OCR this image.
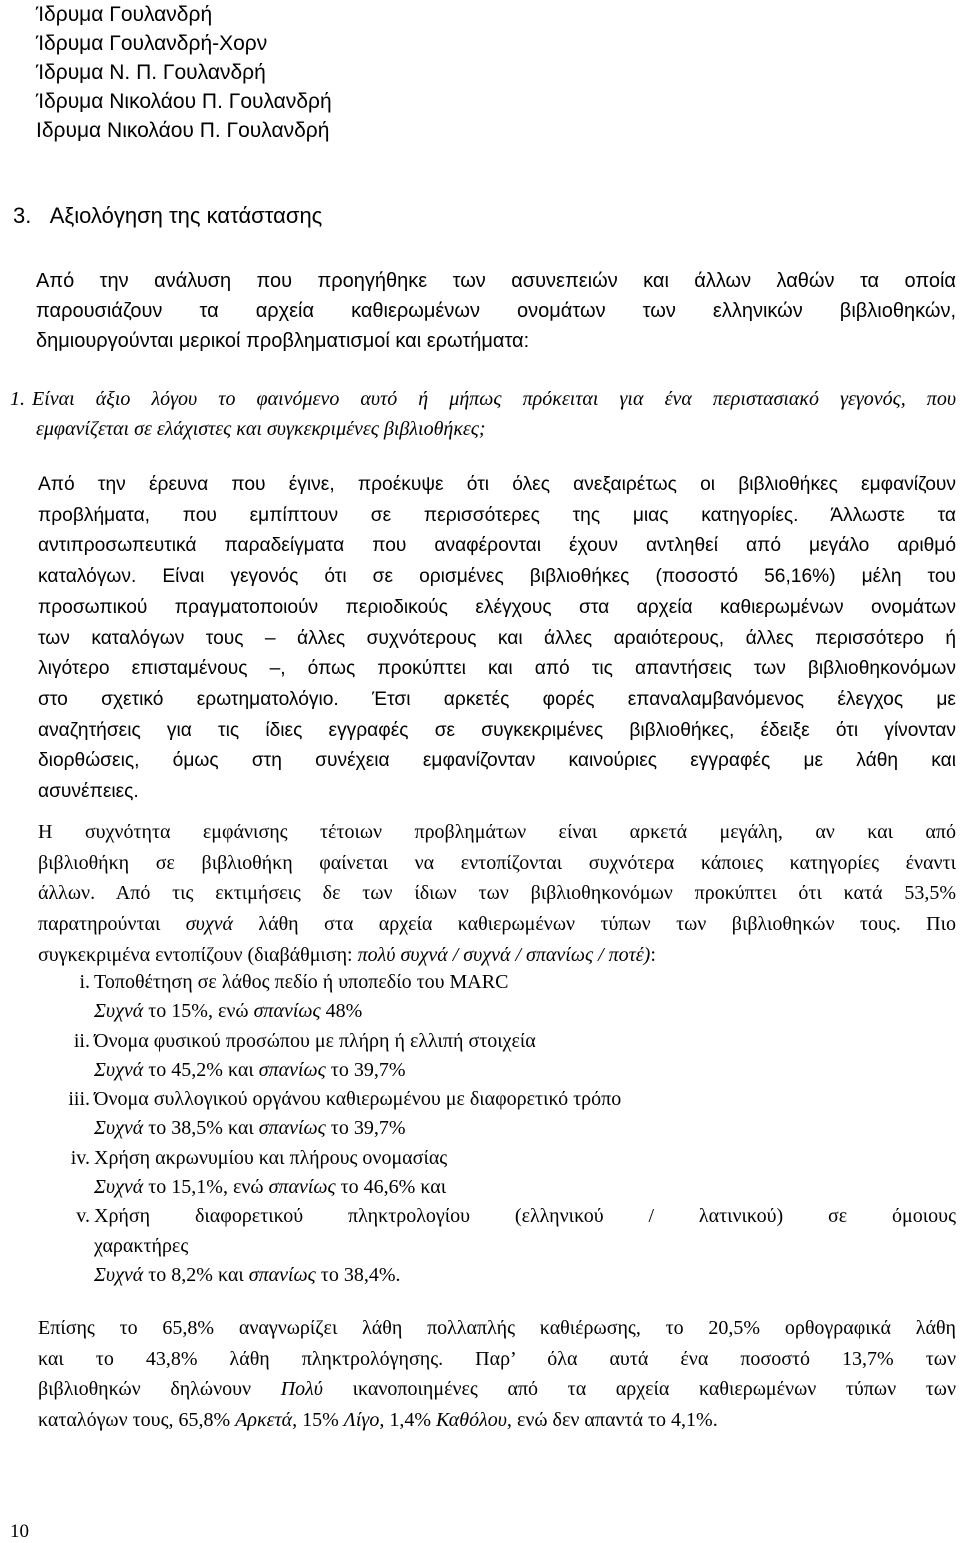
Ίδρυμα Γουλανδρή
Ίδρυμα Γουλανδρή-Χορν
Ίδρυμα Ν. Π. Γουλανδρή
Ίδρυμα Νικολάου Π. Γουλανδρή
Ιδρυμα Νικολάου Π. Γουλανδρή
3. Αξιολόγηση της κατάστασης
Από την ανάλυση που προηγήθηκε των ασυνεπειών και άλλων λαθών τα οποία
παρουσιάζουν τα αρχεία καθιερωμένων ονομάτων των ελληνικών βιβλιοθηκών,
δημιουργούνται μερικοί προβληματισμοί και ερωτήματα:
1. Είναι άξιο λόγου το φαινόμενο αυτό ή μήπως πρόκειται για ένα περιστασιακό γεγονός, που
εμφανίζεται σε ελάχιστες και συγκεκριμένες βιβλιοθήκες;
Από την έρευνα που έγινε, προέκυψε ότι όλες ανεξαιρέτως οι βιβλιοθήκες εμφανίζουν
προβλήματα, που εμπίπτουν σε περισσότερες της μιας κατηγορίες. Άλλωστε τα
αντιπροσωπευτικά παραδείγματα που αναφέρονται έχουν αντληθεί από μεγάλο αριθμό
καταλόγων. Είναι γεγονός ότι σε ορισμένες βιβλιοθήκες (ποσοστό 56,16%) μέλη του
προσωπικού πραγματοποιούν περιοδικούς ελέγχους στα αρχεία καθιερωμένων ονομάτων
των καταλόγων τους – άλλες συχνότερους και άλλες αραιότερους, άλλες περισσότερο ή
λιγότερο επισταμένους –, όπως προκύπτει και από τις απαντήσεις των βιβλιοθηκονόμων
στο σχετικό ερωτηματολόγιο. Έτσι αρκετές φορές επαναλαμβανόμενος έλεγχος με
αναζητήσεις για τις ίδιες εγγραφές σε συγκεκριμένες βιβλιοθήκες, έδειξε ότι γίνονταν
διορθώσεις, όμως στη συνέχεια εμφανίζονταν καινούριες εγγραφές με λάθη και
ασυνέπειες.
Η συχνότητα εμφάνισης τέτοιων προβλημάτων είναι αρκετά μεγάλη, αν και από
βιβλιοθήκη σε βιβλιοθήκη φαίνεται να εντοπίζονται συχνότερα κάποιες κατηγορίες έναντι
άλλων. Από τις εκτιμήσεις δε των ίδιων των βιβλιοθηκονόμων προκύπτει ότι κατά 53,5%
παρατηρούνται συχνά λάθη στα αρχεία καθιερωμένων τύπων των βιβλιοθηκών τους. Πιο
συγκεκριμένα εντοπίζουν (διαβάθμιση: πολύ συχνά / συχνά / σπανίως / ποτέ):
i. Τοποθέτηση σε λάθος πεδίο ή υποπεδίο του MARC
Συχνά το 15%, ενώ σπανίως 48%
ii. Όνομα φυσικού προσώπου με πλήρη ή ελλιπή στοιχεία
Συχνά το 45,2% και σπανίως το 39,7%
iii. Όνομα συλλογικού οργάνου καθιερωμένου με διαφορετικό τρόπο
Συχνά το 38,5% και σπανίως το 39,7%
iv. Χρήση ακρωνυμίου και πλήρους ονομασίας
Συχνά το 15,1%, ενώ σπανίως το 46,6% και
v. Χρήση διαφορετικού πληκτρολογίου (ελληνικού / λατινικού) σε όμοιους
χαρακτήρες
Συχνά το 8,2% και σπανίως το 38,4%.
Επίσης το 65,8% αναγνωρίζει λάθη πολλαπλής καθιέρωσης, το 20,5% ορθογραφικά λάθη
και το 43,8% λάθη πληκτρολόγησης. Παρ’ όλα αυτά ένα ποσοστό 13,7% των
βιβλιοθηκών δηλώνουν Πολύ ικανοποιημένες από τα αρχεία καθιερωμένων τύπων των
καταλόγων τους, 65,8% Αρκετά, 15% Λίγο, 1,4% Καθόλου, ενώ δεν απαντά το 4,1%.
10
